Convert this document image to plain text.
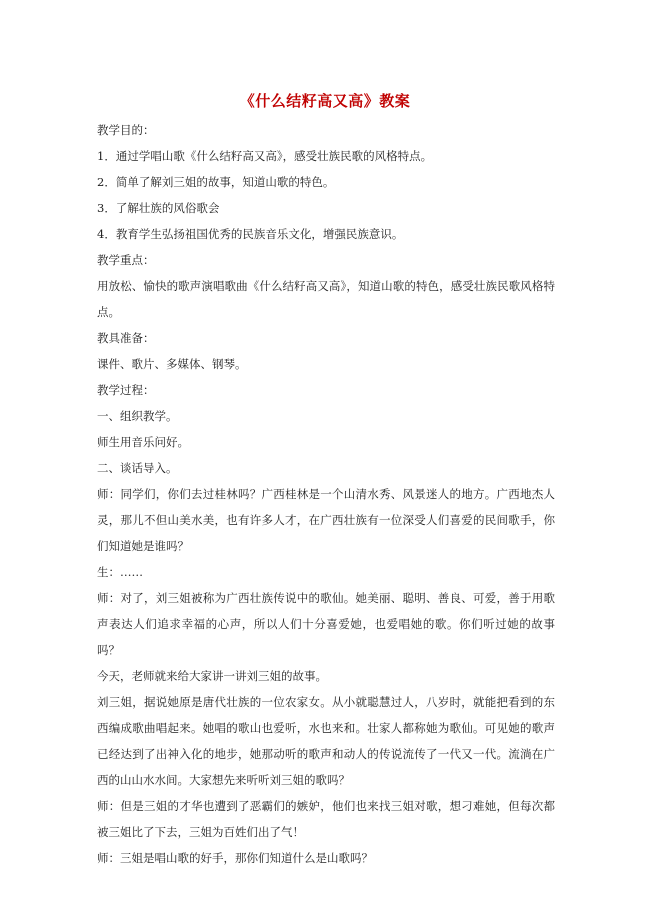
《什么结籽高又高》教案

教学目的：

1．通过学唱山歌《什么结籽高又高》，感受壮族民歌的风格特点。

2．简单了解刘三姐的故事，知道山歌的特色。

3．了解壮族的风俗歌会

4．教育学生弘扬祖国优秀的民族音乐文化，增强民族意识。

教学重点：

用放松、愉快的歌声演唱歌曲《什么结籽高又高》，知道山歌的特色，感受壮族民歌风格特点。

教具准备：

课件、歌片、多媒体、钢琴。

教学过程：

一、组织教学。

师生用音乐问好。

二、谈话导入。

师：同学们，你们去过桂林吗？广西桂林是一个山清水秀、风景迷人的地方。广西地杰人灵，那儿不但山美水美，也有许多人才，在广西壮族有一位深受人们喜爱的民间歌手，你们知道她是谁吗？

生：……

师：对了，刘三姐被称为广西壮族传说中的歌仙。她美丽、聪明、善良、可爱，善于用歌声表达人们追求幸福的心声，所以人们十分喜爱她，也爱唱她的歌。你们听过她的故事吗？

今天，老师就来给大家讲一讲刘三姐的故事。

刘三姐，据说她原是唐代壮族的一位农家女。从小就聪慧过人，八岁时，就能把看到的东西编成歌曲唱起来。她唱的歌山也爱听，水也来和。壮家人都称她为歌仙。可见她的歌声已经达到了出神入化的地步，她那动听的歌声和动人的传说流传了一代又一代。流淌在广西的山山水水间。大家想先来听听刘三姐的歌吗？

师：但是三姐的才华也遭到了恶霸们的嫉妒，他们也来找三姐对歌，想刁难她，但每次都被三姐比了下去，三姐为百姓们出了气！

师：三姐是唱山歌的好手，那你们知道什么是山歌吗？
